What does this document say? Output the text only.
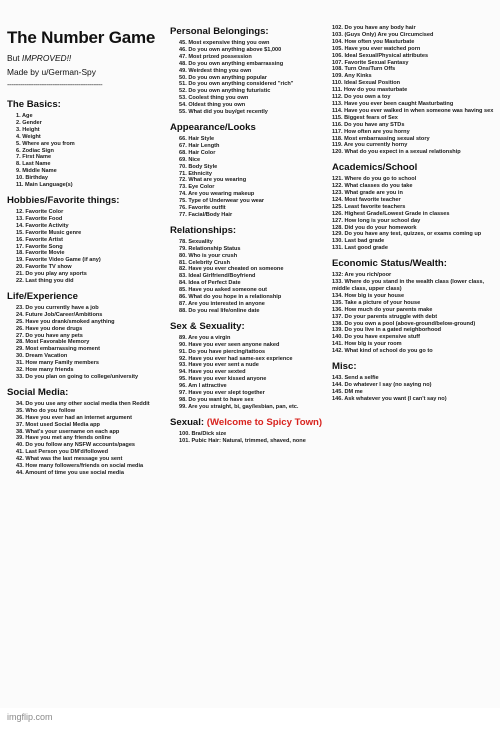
The Number Game
But IMPROVED!!
Made by u/German-Spy
--------------------------------------------
The Basics:
1. Age
2. Gender
3. Height
4. Weight
5. Where are you from
6. Zodiac Sign
7. First Name
8. Last Name
9. Middle Name
10. Birthday
11. Main Language(s)
Hobbies/Favorite things:
12. Favorite Color
13. Favorite Food
14. Favorite Activity
15. Favorite Music genre
16. Favorite Artist
17. Favorite Song
18. Favorite Movie
19. Favorite Video Game (if any)
20. Favorite TV show
21. Do you play any sports
22. Last thing you did
Life/Experience
23. Do you currently have a job
24. Future Job/Career/Ambitions
25. Have you drank/smoked anything
26. Have you done drugs
27. Do you have any pets
28. Most Favorable Memory
29. Most embarrassing moment
30. Dream Vacation
31. How many Family members
32. How many friends
33. Do you plan on going to college/university
Social Media:
34. Do you use any other social media then Reddit
35. Who do you follow
36. Have you ever had an internet argument
37. Most used Social Media app
38. What's your username on each app
39. Have you met any friends online
40. Do you follow any NSFW accounts/pages
41. Last Person you DM'd/followed
42. What was the last message you sent
43. How many followers/friends on social media
44. Amount of time you use social media
Personal Belongings:
45. Most expensive thing you own
46. Do you own anything above $1,000
47. Most prized possession
48. Do you own anything embarrassing
49. Weirdest thing you own
50. Do you own anything popular
51. Do you own anything considered "rich"
52. Do you own anything futuristic
53. Coolest thing you own
54. Oldest thing you own
55. What did you buy/get recently
Appearance/Looks
66. Hair Style
67. Hair Length
68. Hair Color
69. Nice
70. Body Style
71. Ethnicity
72. What are you wearing
73. Eye Color
74. Are you wearing makeup
75. Type of Underwear you wear
76. Favorite outfit
77. Facial/Body Hair
Relationships:
78. Sexuality
79. Relationship Status
80. Who is your crush
81. Celebrity Crush
82. Have you ever cheated on someone
83. Ideal Girlfriend/Boyfriend
84. Idea of Perfect Date
85. Have you asked someone out
86. What do you hope in a relationship
87. Are you interested in anyone
88. Do you real life/online date
Sex & Sexuality:
89. Are you a virgin
90. Have you ever seen anyone naked
91. Do you have piercing/tattoos
92. Have you ever had same-sex exprience
93. Have you ever sent a nude
94. Have you ever sexted
95. Have you ever kissed anyone
96. Am I attractive
97. Have you ever slept together
98. Do you want to have sex
99. Are you straight, bi, gay/lesbian, pan, etc.
Sexual: (Welcome to Spicy Town)
100. Bra/Dick size
101. Pubic Hair: Natural, trimmed, shaved, none
102. Do you have any body hair
103. (Guys Only) Are you Circumcised
104. How often you Masturbate
105. Have you ever watched porn
106. Ideal Sexual/Physical attributes
107. Favorite Sexual Fantasy
108. Turn Ons/Turn Offs
109. Any Kinks
110. Ideal Sexual Position
111. How do you masturbate
112. Do you own a toy
113. Have you ever been caught Masturbating
114. Have you ever walked in when someone was having sex
115. Biggest fears of Sex
116. Do you have any STDs
117. How often are you horny
118. Most embarrassing sexual story
119. Are you currently horny
120. What do you expect in a sexual relationship
Academics/School
121. Where do you go to school
122. What classes do you take
123. What grade are you in
124. Most favorite teacher
125. Least favorite teachers
126. Highest Grade/Lowest Grade in classes
127. How long is your school day
128. Did you do your homework
129. Do you have any test, quizzes, or exams coming up
130. Last bad grade
131. Last good grade
Economic Status/Wealth:
132: Are you rich/poor
133. Where do you stand in the wealth class (lower class, middle class, upper class)
134. How big is your house
135. Take a picture of your house
136. How much do your parents make
137. Do your parents struggle with debt
138. Do you own a pool (above-ground/below-ground)
139. Do you live in a gated neighborhood
140. Do you have expensive stuff
141. How big is your room
142. What kind of school do you go to
Misc:
143. Send a selfie
144. Do whatever I say (no saying no)
145. DM me
146. Ask whatever you want (I can't say no)
imgflip.com
